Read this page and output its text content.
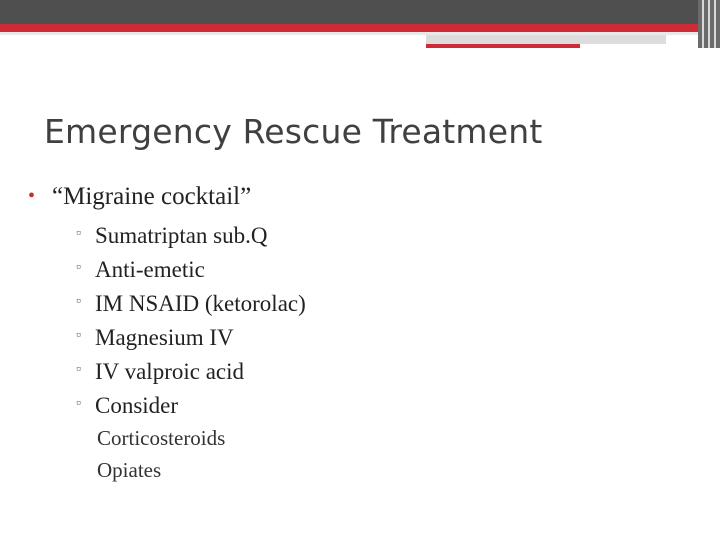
Emergency Rescue Treatment
• “Migraine cocktail”
▫ Sumatriptan sub.Q
▫ Anti-emetic
▫ IM NSAID (ketorolac)
▫ Magnesium IV
▫ IV valproic acid
▫ Consider
Corticosteroids
Opiates
